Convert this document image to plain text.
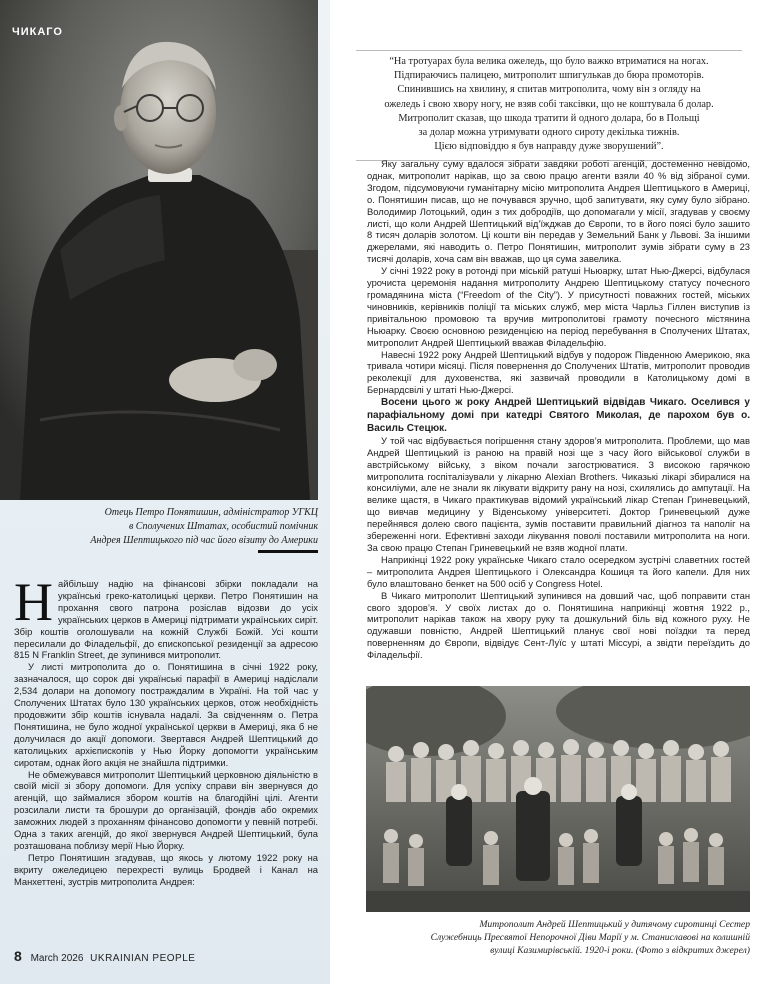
ЧИКАГО
Отець Петро Понятишин, адміністратор УГКЦ
в Сполучених Штатах, особистий помічник
Андрея Шептицького під час його візиту до Америки

“На тротуарах була велика ожеледь, що було важко втриматися на ногах.

Підпираючись палицею, митрополит шпигулькав до бюра промоторів.

Спинившись на хвилину, я спитав митрополита, чому він з огляду на

ожеледь і свою хвору ногу, не взяв собі таксівки, що не коштувала б долар.

Митрополит сказав, що шкода тратити й одного долара, бо в Польщі

за долар можна утримувати одного сироту декілька тижнів.

Цією відповіддю я був направду дуже зворушений”.

Найбільшу надію на фінансові збірки покладали на українські греко-католицькі церкви. Петро Понятишин на прохання свого патрона розіслав відозви до усіх українських церков в Америці підтримати українських сиріт. Збір коштів оголошували на кожній Службі Божій. Усі кошти пересилали до Філадельфії, до єпископської резиденції за адресою 815 N Franklin Street, де зупинився митрополит.

У листі митрополита до о. Понятишина в січні 1922 року, зазначалося, що сорок дві українські парафії в Америці надіслали 2,534 долари на допомогу постраждалим в Україні. На той час у Сполучених Штатах було 130 українських церков, отож необхідність продовжити збір коштів існувала надалі. За свідченням о. Петра Понятишина, не було жодної української церкви в Америці, яка б не долучилася до акції допомоги. Звертався Андрей Шептицький до католицьких архієпископів у Нью Йорку допомогти українським сиротам, однак його акція не знайшла підтримки.

Не обмежувався митрополит Шептицький церковною діяльністю в своїй місії зі збору допомоги. Для успіху справи він звернувся до агенцій, що займалися збором коштів на благодійні цілі. Агенти розсилали листи та брошури до організацій, фондів або окремих заможних людей з проханням фінансово допомогти у певній потребі. Одна з таких агенцій, до якої звернувся Андрей Шептицький, була розташована поблизу мерії Нью Йорку.

Петро Понятишин згадував, що якось у лютому 1922 року на вкриту ожеледицею перехресті вулиць Бродвей і Канал на Манхеттені, зустрів митрополита Андрея:

Яку загальну суму вдалося зібрати завдяки роботі агенцій, достеменно невідомо, однак, митрополит нарікав, що за свою працю агенти взяли 40 % від зібраної суми. Згодом, підсумовуючи гуманітарну місію митрополита Андрея Шептицького в Америці, о. Понятишин писав, що не почувався зручно, щоб запитувати, яку суму було зібрано. Володимир Лотоцький, один з тих добродіїв, що допомагали у місії, згадував у своєму листі, що коли Андрей Шептицький від’їжджав до Європи, то в його поясі було зашито 8 тисяч доларів золотом. Ці кошти він передав у Земельний Банк у Львові. За іншими джерелами, які наводить о. Петро Понятишин, митрополит зумів зібрати суму в 23 тисячі доларів, хоча сам він вважав, що ця сума завелика.

У січні 1922 року в ротонді при міській ратуші Ньюарку, штат Нью-Джерсі, відбулася урочиста церемонія надання митрополиту Андрею Шептицькому статусу почесного громадянина міста (“Freedom of the City”). У присутності поважних гостей, міських чиновників, керівників поліції та міських служб, мер міста Чарльз Гіллен виступив із привітальною промовою та вручив митрополитові грамоту почесного містянина Ньюарку. Своєю основною резиденцією на період перебування в Сполучених Штатах, митрополит Андрей Шептицький вважав Філадельфію.

Навесні 1922 року Андрей Шептицький відбув у подорож Південною Америкою, яка тривала чотири місяці. Після повернення до Сполучених Штатів, митрополит проводив реколекції для духовенства, які зазвичай проводили в Католицькому домі в Бернардсвілі у штаті Нью-Джерсі.

Восени цього ж року Андрей Шептицький відвідав Чикаго. Оселився у парафіальному домі при катедрі Святого Миколая, де парохом був о. Василь Стецюк.

У той час відбувається погіршення стану здоров’я митрополита. Проблеми, що мав Андрей Шептицький із раною на правій нозі ще з часу його військової служби в австрійському війську, з віком почали загострюватися. З високою гарячкою митрополита госпіталізували у лікарню Alexian Brothers. Чиказькі лікарі збиралися на консиліуми, але не знали як лікувати відкриту рану на нозі, схилялись до ампутації. На велике щастя, в Чикаго практикував відомий український лікар Степан Гриневецький, що вивчав медицину у Віденському університеті. Доктор Гриневецький дуже перейнявся долею свого пацієнта, зумів поставити правильний діагноз та наполіг на збереженні ноги. Ефективні заходи лікування поволі поставили митрополита на ноги. За свою працю Степан Гриневецький не взяв жодної плати.

Наприкінці 1922 року українське Чикаго стало осередком зустрічі славетних гостей – митрополита Андрея Шептицького і Олександра Кошиця та його капели. Для них було влаштовано бенкет на 500 осіб у Congress Hotel.

В Чикаго митрополит Шептицький зупинився на довший час, щоб поправити стан свого здоров’я. У своїх листах до о. Понятишина наприкінці жовтня 1922 р., митрополит нарікав також на хвору руку та дошкульний біль від кожного руху. Не одужавши повністю, Андрей Шептицький планує свої нові поїздки та перед поверненням до Європи, відвідує Сент-Луїс у штаті Міссурі, а звідти переїздить до Філадельфії.

Митрополит Андрей Шептицький у дитячому сиротинці Сестер
Служебниць Пресвятої Непорочної Діви Марії у м. Станиславові на колишній
вулиці Казимирівській. 1920-і роки. (Фото з відкритих джерел)
8 March 2026 UKRAINIAN PEOPLE
